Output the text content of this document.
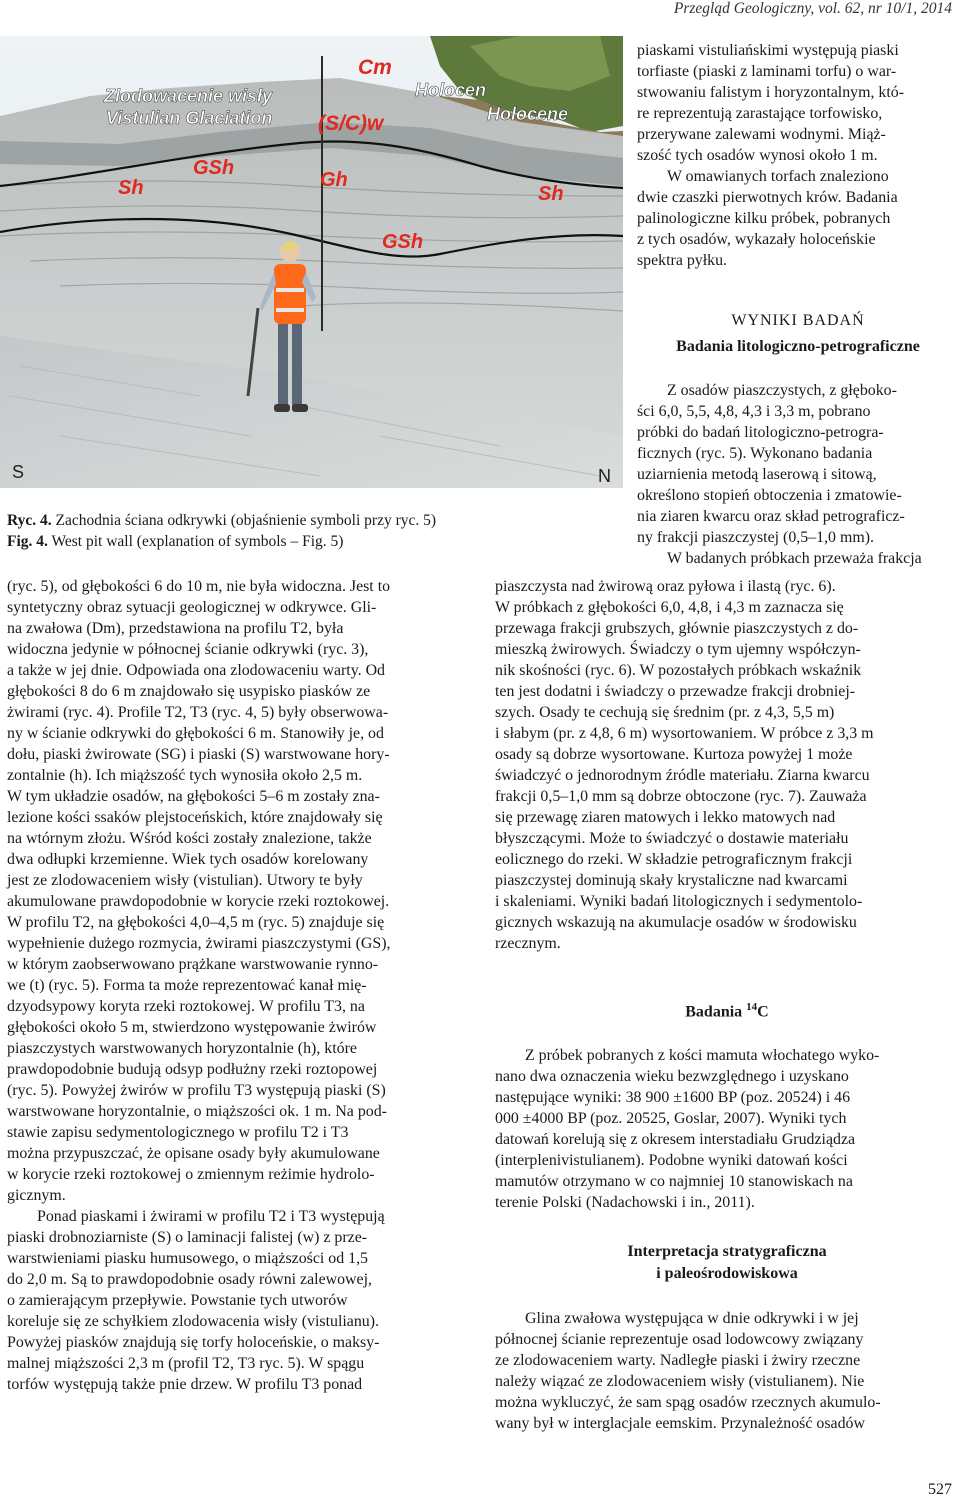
Przegląd Geologiczny, vol. 62, nr 10/1, 2014
Zlodowacenie wisły
Vistulian Glaciation
Cm
(S/C)w
Holocen
Holocene
GSh
Gh
Sh	Sh
GSh
S	N
Ryc. 4. Zachodnia ściana odkrywki (objaśnienie symboli przy ryc. 5)
Fig. 4. West pit wall (explanation of symbols – Fig. 5)

piaskami vistuliańskimi występują piaski

torfiaste (piaski z laminami torfu) o war-

stwowaniu falistym i horyzontalnym, któ-

re reprezentują zarastające torfowisko,

przerywane zalewami wodnymi. Miąż-

szość tych osadów wynosi około 1 m.

W omawianych torfach znaleziono

dwie czaszki pierwotnych krów. Badania

palinologiczne kilku próbek, pobranych

z tych osadów, wykazały holoceńskie

spektra pyłku.

WYNIKI BADAŃ
Badania litologiczno-petrograficzne

Z osadów piaszczystych, z głęboko-

ści 6,0, 5,5, 4,8, 4,3 i 3,3 m, pobrano

próbki do badań litologiczno-petrogra-

ficznych (ryc. 5). Wykonano badania

uziarnienia metodą laserową i sitową,

określono stopień obtoczenia i zmatowie-

nia ziaren kwarcu oraz skład petrograficz-

ny frakcji piaszczystej (0,5–1,0 mm).

W badanych próbkach przeważa frakcja

(ryc. 5), od głębokości 6 do 10 m, nie była widoczna. Jest to

syntetyczny obraz sytuacji geologicznej w odkrywce. Gli-

na zwałowa (Dm), przedstawiona na profilu T2, była

widoczna jedynie w północnej ścianie odkrywki (ryc. 3),

a także w jej dnie. Odpowiada ona zlodowaceniu warty. Od

głębokości 8 do 6 m znajdowało się usypisko piasków ze

żwirami (ryc. 4). Profile T2, T3 (ryc. 4, 5) były obserwowa-

ny w ścianie odkrywki do głębokości 6 m. Stanowiły je, od

dołu, piaski żwirowate (SG) i piaski (S) warstwowane hory-

zontalnie (h). Ich miąższość tych wynosiła około 2,5 m.

W tym układzie osadów, na głębokości 5–6 m zostały zna-

lezione kości ssaków plejstoceńskich, które znajdowały się

na wtórnym złożu. Wśród kości zostały znalezione, także

dwa odłupki krzemienne. Wiek tych osadów korelowany

jest ze zlodowaceniem wisły (vistulian). Utwory te były

akumulowane prawdopodobnie w korycie rzeki roztokowej.

W profilu T2, na głębokości 4,0–4,5 m (ryc. 5) znajduje się

wypełnienie dużego rozmycia, żwirami piaszczystymi (GS),

w którym zaobserwowano prążkane warstwowanie rynno-

we (t) (ryc. 5). Forma ta może reprezentować kanał mię-

dzyodsypowy koryta rzeki roztokowej. W profilu T3, na

głębokości około 5 m, stwierdzono występowanie żwirów

piaszczystych warstwowanych horyzontalnie (h), które

prawdopodobnie budują odsyp podłużny rzeki roztopowej

(ryc. 5). Powyżej żwirów w profilu T3 występują piaski (S)

warstwowane horyzontalnie, o miąższości ok. 1 m. Na pod-

stawie zapisu sedymentologicznego w profilu T2 i T3

można przypuszczać, że opisane osady były akumulowane

w korycie rzeki roztokowej o zmiennym reżimie hydrolo-

gicznym.

Ponad piaskami i żwirami w profilu T2 i T3 występują

piaski drobnoziarniste (S) o laminacji falistej (w) z prze-

warstwieniami piasku humusowego, o miąższości od 1,5

do 2,0 m. Są to prawdopodobnie osady równi zalewowej,

o zamierającym przepływie. Powstanie tych utworów

koreluje się ze schyłkiem zlodowacenia wisły (vistulianu).

Powyżej piasków znajdują się torfy holoceńskie, o maksy-

malnej miąższości 2,3 m (profil T2, T3 ryc. 5). W spągu

torfów występują także pnie drzew. W profilu T3 ponad

piaszczysta nad żwirową oraz pyłowa i ilastą (ryc. 6).

W próbkach z głębokości 6,0, 4,8, i 4,3 m zaznacza się

przewaga frakcji grubszych, głównie piaszczystych z do-

mieszką żwirowych. Świadczy o tym ujemny współczyn-

nik skośności (ryc. 6). W pozostałych próbkach wskaźnik

ten jest dodatni i świadczy o przewadze frakcji drobniej-

szych. Osady te cechują się średnim (pr. z 4,3, 5,5 m)

i słabym (pr. z 4,8, 6 m) wysortowaniem. W próbce z 3,3 m

osady są dobrze wysortowane. Kurtoza powyżej 1 może

świadczyć o jednorodnym źródle materiału. Ziarna kwarcu

frakcji 0,5–1,0 mm są dobrze obtoczone (ryc. 7). Zauważa

się przewagę ziaren matowych i lekko matowych nad

błyszczącymi. Może to świadczyć o dostawie materiału

eolicznego do rzeki. W składzie petrograficznym frakcji

piaszczystej dominują skały krystaliczne nad kwarcami

i skaleniami. Wyniki badań litologicznych i sedymentolo-

gicznych wskazują na akumulacje osadów w środowisku

rzecznym.

Badania $^{14}$C

Z próbek pobranych z kości mamuta włochatego wyko-

nano dwa oznaczenia wieku bezwzględnego i uzyskano

następujące wyniki: 38 900 ±1600 BP (poz. 20524) i 46

000 ±4000 BP (poz. 20525, Goslar, 2007). Wyniki tych

datowań korelują się z okresem interstadiału Grudziądza

(interplenivistulianem). Podobne wyniki datowań kości

mamutów otrzymano w co najmniej 10 stanowiskach na

terenie Polski (Nadachowski i in., 2011).

Interpretacja stratygraficzna
i paleośrodowiskowa

Glina zwałowa występująca w dnie odkrywki i w jej

północnej ścianie reprezentuje osad lodowcowy związany

ze zlodowaceniem warty. Nadległe piaski i żwiry rzeczne

należy wiązać ze zlodowaceniem wisły (vistulianem). Nie

można wykluczyć, że sam spąg osadów rzecznych akumulo-

wany był w interglacjale eemskim. Przynależność osadów

527
